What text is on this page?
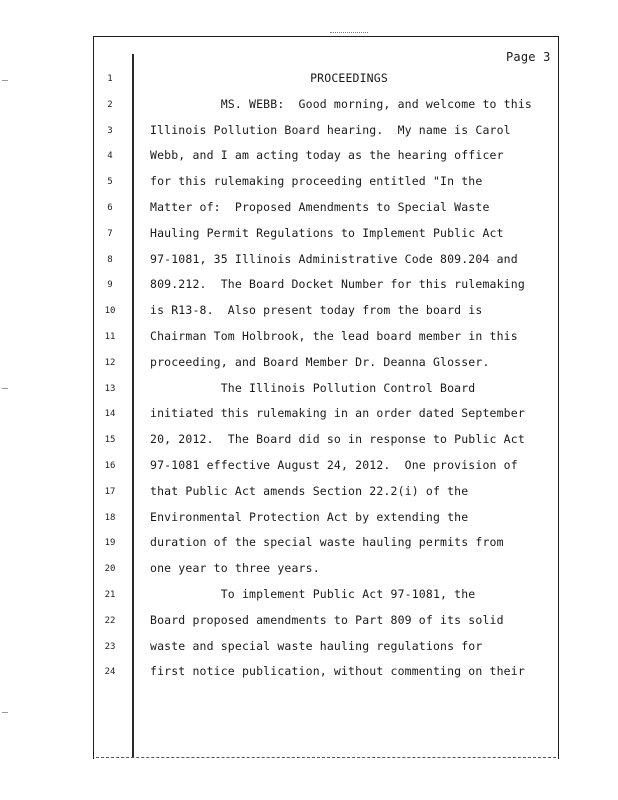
Page 3
1	PROCEEDINGS
2	MS. WEBB:  Good morning, and welcome to this
3	Illinois Pollution Board hearing.  My name is Carol
4	Webb, and I am acting today as the hearing officer
5	for this rulemaking proceeding entitled "In the
6	Matter of:  Proposed Amendments to Special Waste
7	Hauling Permit Regulations to Implement Public Act
8	97-1081, 35 Illinois Administrative Code 809.204 and
9	809.212.  The Board Docket Number for this rulemaking
10	is R13-8.  Also present today from the board is
11	Chairman Tom Holbrook, the lead board member in this
12	proceeding, and Board Member Dr. Deanna Glosser.
13	The Illinois Pollution Control Board
14	initiated this rulemaking in an order dated September
15	20, 2012.  The Board did so in response to Public Act
16	97-1081 effective August 24, 2012.  One provision of
17	that Public Act amends Section 22.2(i) of the
18	Environmental Protection Act by extending the
19	duration of the special waste hauling permits from
20	one year to three years.
21	To implement Public Act 97-1081, the
22	Board proposed amendments to Part 809 of its solid
23	waste and special waste hauling regulations for
24	first notice publication, without commenting on their
